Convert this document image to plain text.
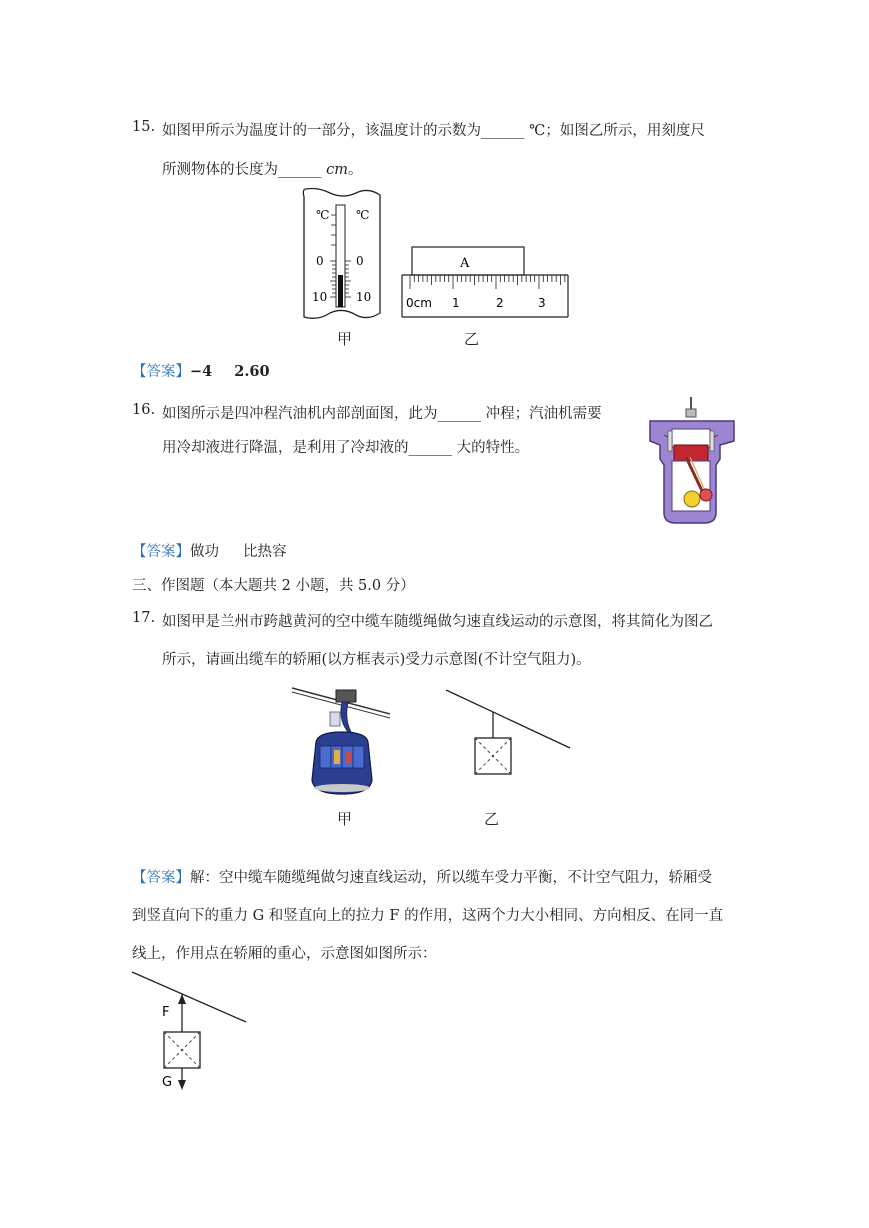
15. 如图甲所示为温度计的一部分，该温度计的示数为______ ℃；如图乙所示，用刻度尺
所测物体的长度为______ cm。
℃ ℃
0	0
10 10
A
0cm 1	2	3
甲	乙
【答案】−4 2.60
16. 如图所示是四冲程汽油机内部剖面图，此为______ 冲程；汽油机需要
用冷却液进行降温，是利用了冷却液的______ 大的特性。
【答案】做功 比热容
三、作图题（本大题共 2 小题，共 5.0 分）
17. 如图甲是兰州市跨越黄河的空中缆车随缆绳做匀速直线运动的示意图，将其简化为图乙
所示，请画出缆车的轿厢(以方框表示)受力示意图(不计空气阻力)。
甲	乙
【答案】解：空中缆车随缆绳做匀速直线运动，所以缆车受力平衡，不计空气阻力，轿厢受
到竖直向下的重力 G 和竖直向上的拉力 F 的作用，这两个力大小相同、方向相反、在同一直
线上，作用点在轿厢的重心，示意图如图所示：
F
G
